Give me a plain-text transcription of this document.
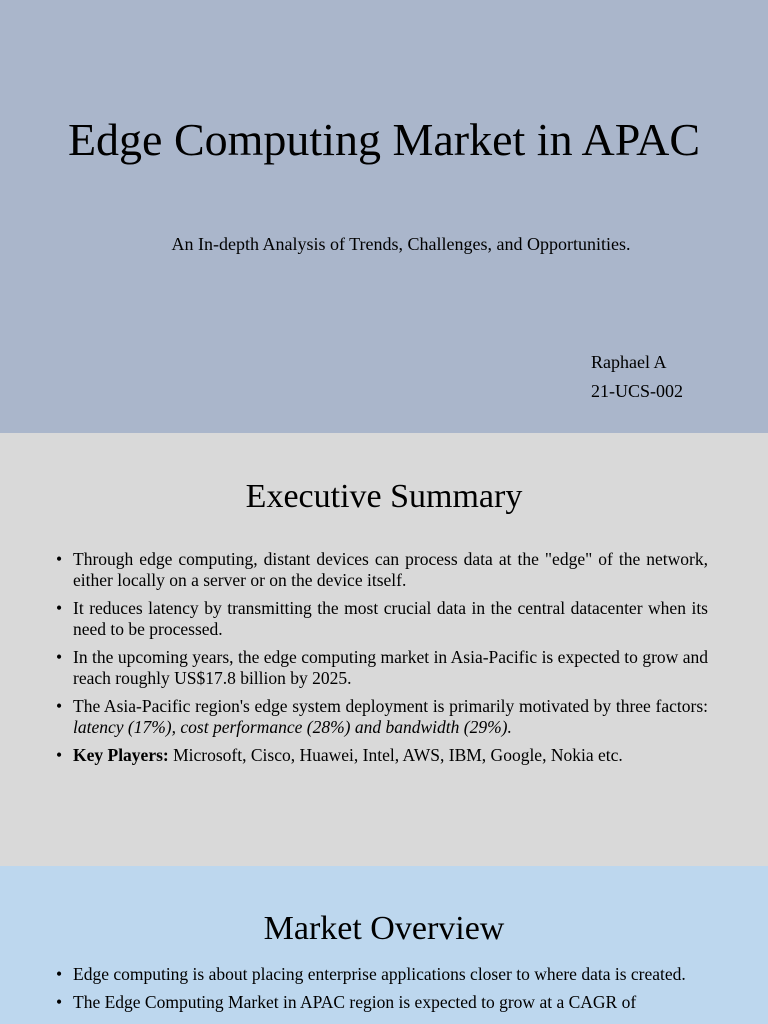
Edge Computing Market in APAC
An In-depth Analysis of Trends, Challenges, and Opportunities.
Raphael A
21-UCS-002
Executive Summary
• Through edge computing, distant devices can process data at the "edge" of the network, either locally on a server or on the device itself.
• It reduces latency by transmitting the most crucial data in the central datacenter when its need to be processed.
• In the upcoming years, the edge computing market in Asia-Pacific is expected to grow and reach roughly US$17.8 billion by 2025.
• The Asia-Pacific region's edge system deployment is primarily motivated by three factors: latency (17%), cost performance (28%) and bandwidth (29%).
• Key Players: Microsoft, Cisco, Huawei, Intel, AWS, IBM, Google, Nokia etc.
Market Overview
• Edge computing is about placing enterprise applications closer to where data is created.
• The Edge Computing Market in APAC region is expected to grow at a CAGR of
